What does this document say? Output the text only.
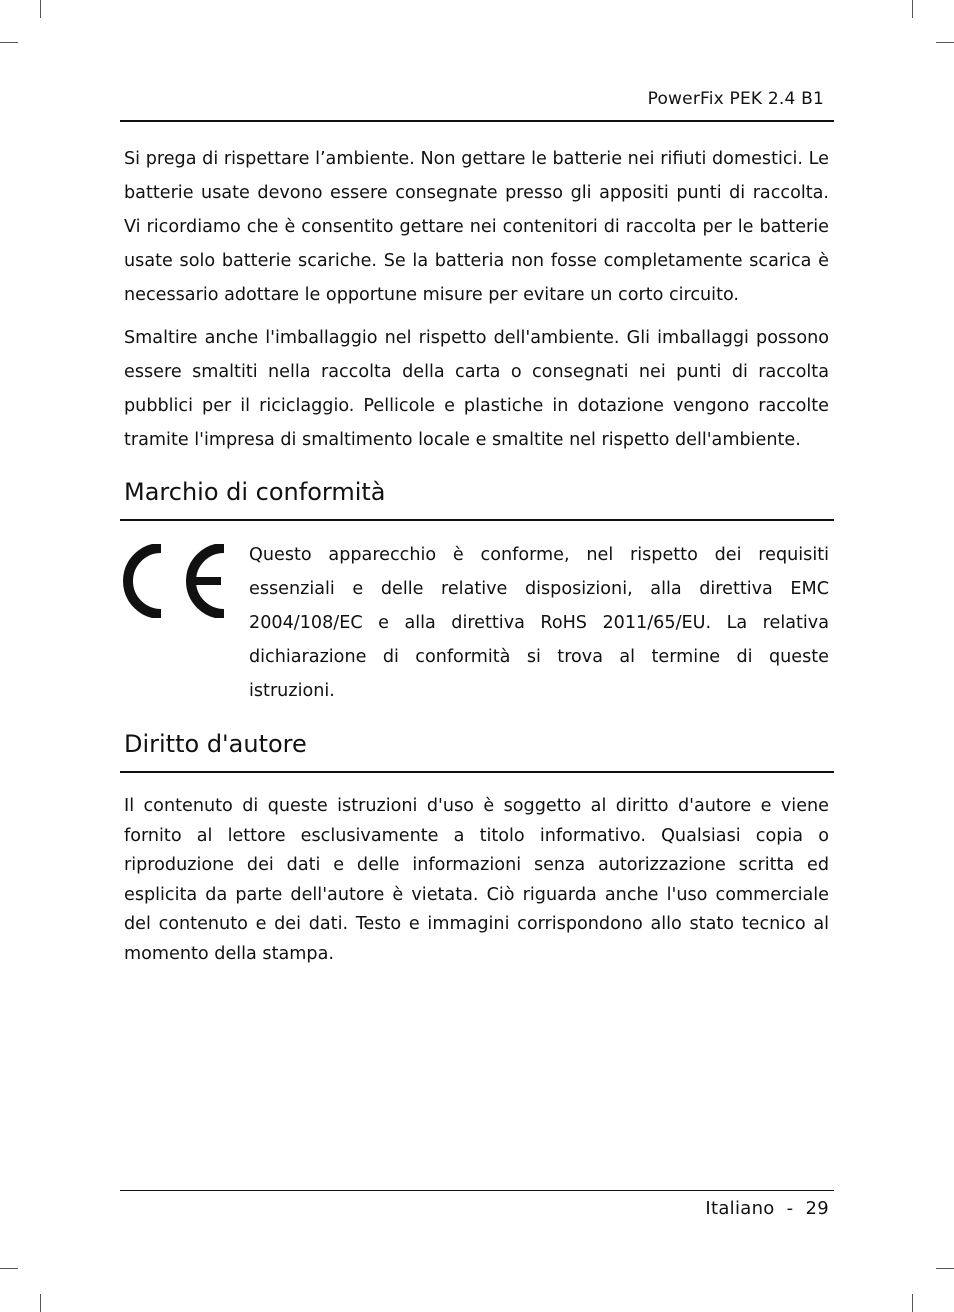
PowerFix PEK 2.4 B1

Si prega di rispettare l’ambiente. Non gettare le batterie nei rifiuti domestici. Le batterie usate devono essere consegnate presso gli appositi punti di raccolta. Vi ricordiamo che è consentito gettare nei contenitori di raccolta per le batterie usate solo batterie scariche. Se la batteria non fosse completamente scarica è necessario adottare le opportune misure per evitare un corto circuito.

Smaltire anche l'imballaggio nel rispetto dell'ambiente. Gli imballaggi possono essere smaltiti nella raccolta della carta o consegnati nei punti di raccolta pubblici per il riciclaggio. Pellicole e plastiche in dotazione vengono raccolte tramite l'impresa di smaltimento locale e smaltite nel rispetto dell'ambiente.

Marchio di conformità

Questo apparecchio è conforme, nel rispetto dei requisiti essenziali e delle relative disposizioni, alla direttiva EMC 2004/108/EC e alla direttiva RoHS 2011/65/EU. La relativa dichiarazione di conformità si trova al termine di queste istruzioni.

Diritto d'autore

Il contenuto di queste istruzioni d'uso è soggetto al diritto d'autore e viene fornito al lettore esclusivamente a titolo informativo. Qualsiasi copia o riproduzione dei dati e delle informazioni senza autorizzazione scritta ed esplicita da parte dell'autore è vietata. Ciò riguarda anche l'uso commerciale del contenuto e dei dati. Testo e immagini corrispondono allo stato tecnico al momento della stampa.

Italiano  -  29
